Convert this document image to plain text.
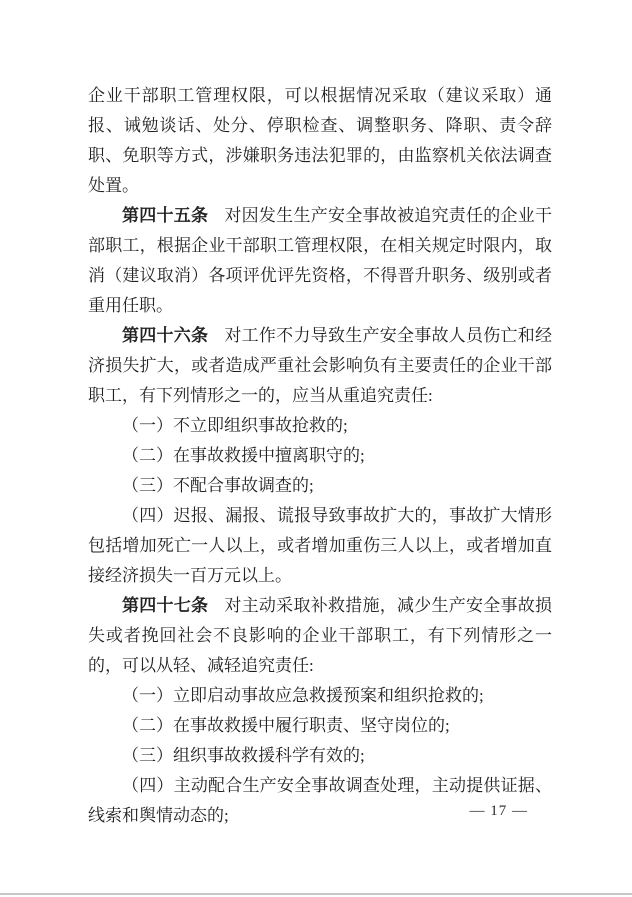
企业干部职工管理权限，可以根据情况采取（建议采取）通报、诫勉谈话、处分、停职检查、调整职务、降职、责令辞职、免职等方式，涉嫌职务违法犯罪的，由监察机关依法调查处置。

第四十五条 对因发生生产安全事故被追究责任的企业干部职工，根据企业干部职工管理权限，在相关规定时限内，取消（建议取消）各项评优评先资格，不得晋升职务、级别或者重用任职。

第四十六条 对工作不力导致生产安全事故人员伤亡和经济损失扩大，或者造成严重社会影响负有主要责任的企业干部职工，有下列情形之一的，应当从重追究责任:

（一）不立即组织事故抢救的;

（二）在事故救援中擅离职守的;

（三）不配合事故调查的;

（四）迟报、漏报、谎报导致事故扩大的，事故扩大情形包括增加死亡一人以上，或者增加重伤三人以上，或者增加直接经济损失一百万元以上。

第四十七条 对主动采取补救措施，减少生产安全事故损失或者挽回社会不良影响的企业干部职工，有下列情形之一的，可以从轻、减轻追究责任:

（一）立即启动事故应急救援预案和组织抢救的;

（二）在事故救援中履行职责、坚守岗位的;

（三）组织事故救援科学有效的;

（四）主动配合生产安全事故调查处理，主动提供证据、线索和舆情动态的;	— 17 —
